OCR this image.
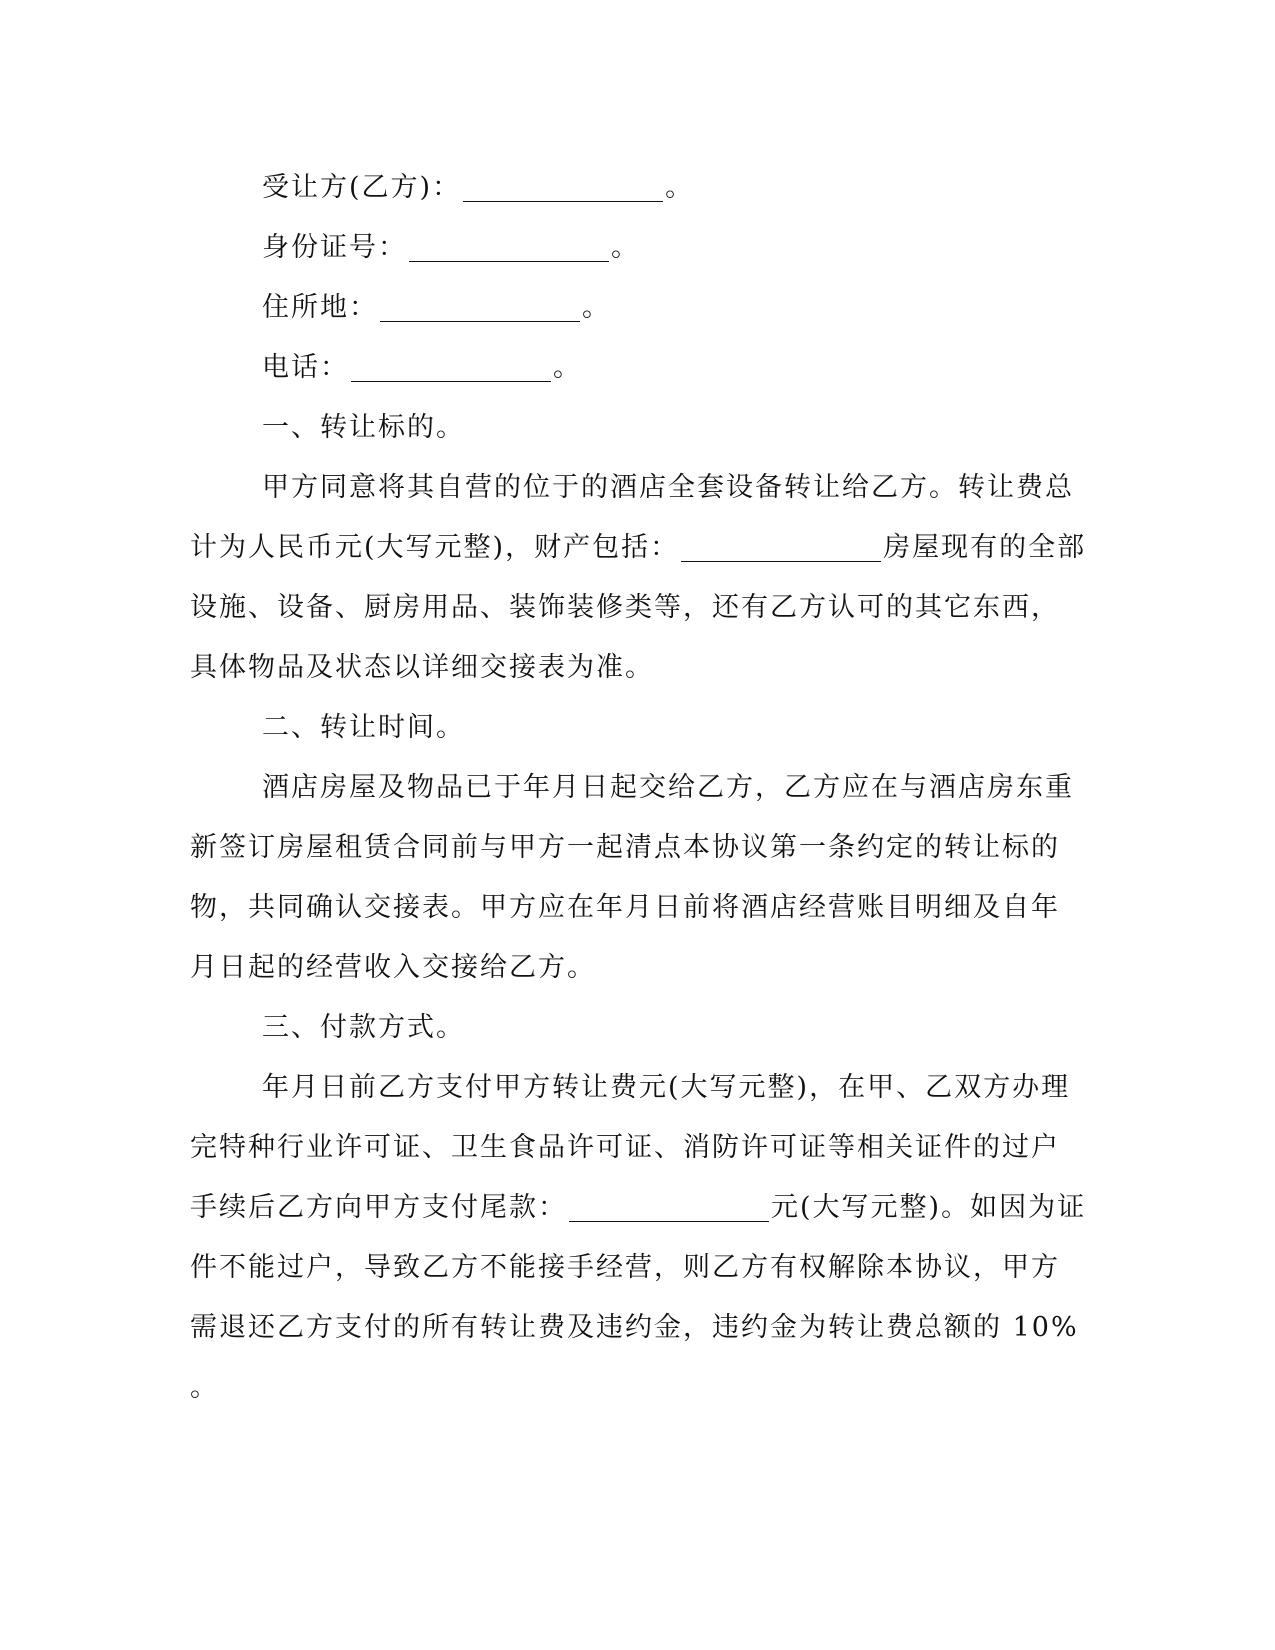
受让方(乙方)：	。
身份证号：	。
住所地：	。
电话：	。
一、转让标的。
甲方同意将其自营的位于的酒店全套设备转让给乙方。转让费总
计为人民币元(大写元整)，财产包括：	房屋现有的全部
设施、设备、厨房用品、装饰装修类等，还有乙方认可的其它东西，
具体物品及状态以详细交接表为准。
二、转让时间。
酒店房屋及物品已于年月日起交给乙方，乙方应在与酒店房东重
新签订房屋租赁合同前与甲方一起清点本协议第一条约定的转让标的
物，共同确认交接表。甲方应在年月日前将酒店经营账目明细及自年
月日起的经营收入交接给乙方。
三、付款方式。
年月日前乙方支付甲方转让费元(大写元整)，在甲、乙双方办理
完特种行业许可证、卫生食品许可证、消防许可证等相关证件的过户
手续后乙方向甲方支付尾款：	元(大写元整)。如因为证
件不能过户，导致乙方不能接手经营，则乙方有权解除本协议，甲方
需退还乙方支付的所有转让费及违约金，违约金为转让费总额的 10%
。
